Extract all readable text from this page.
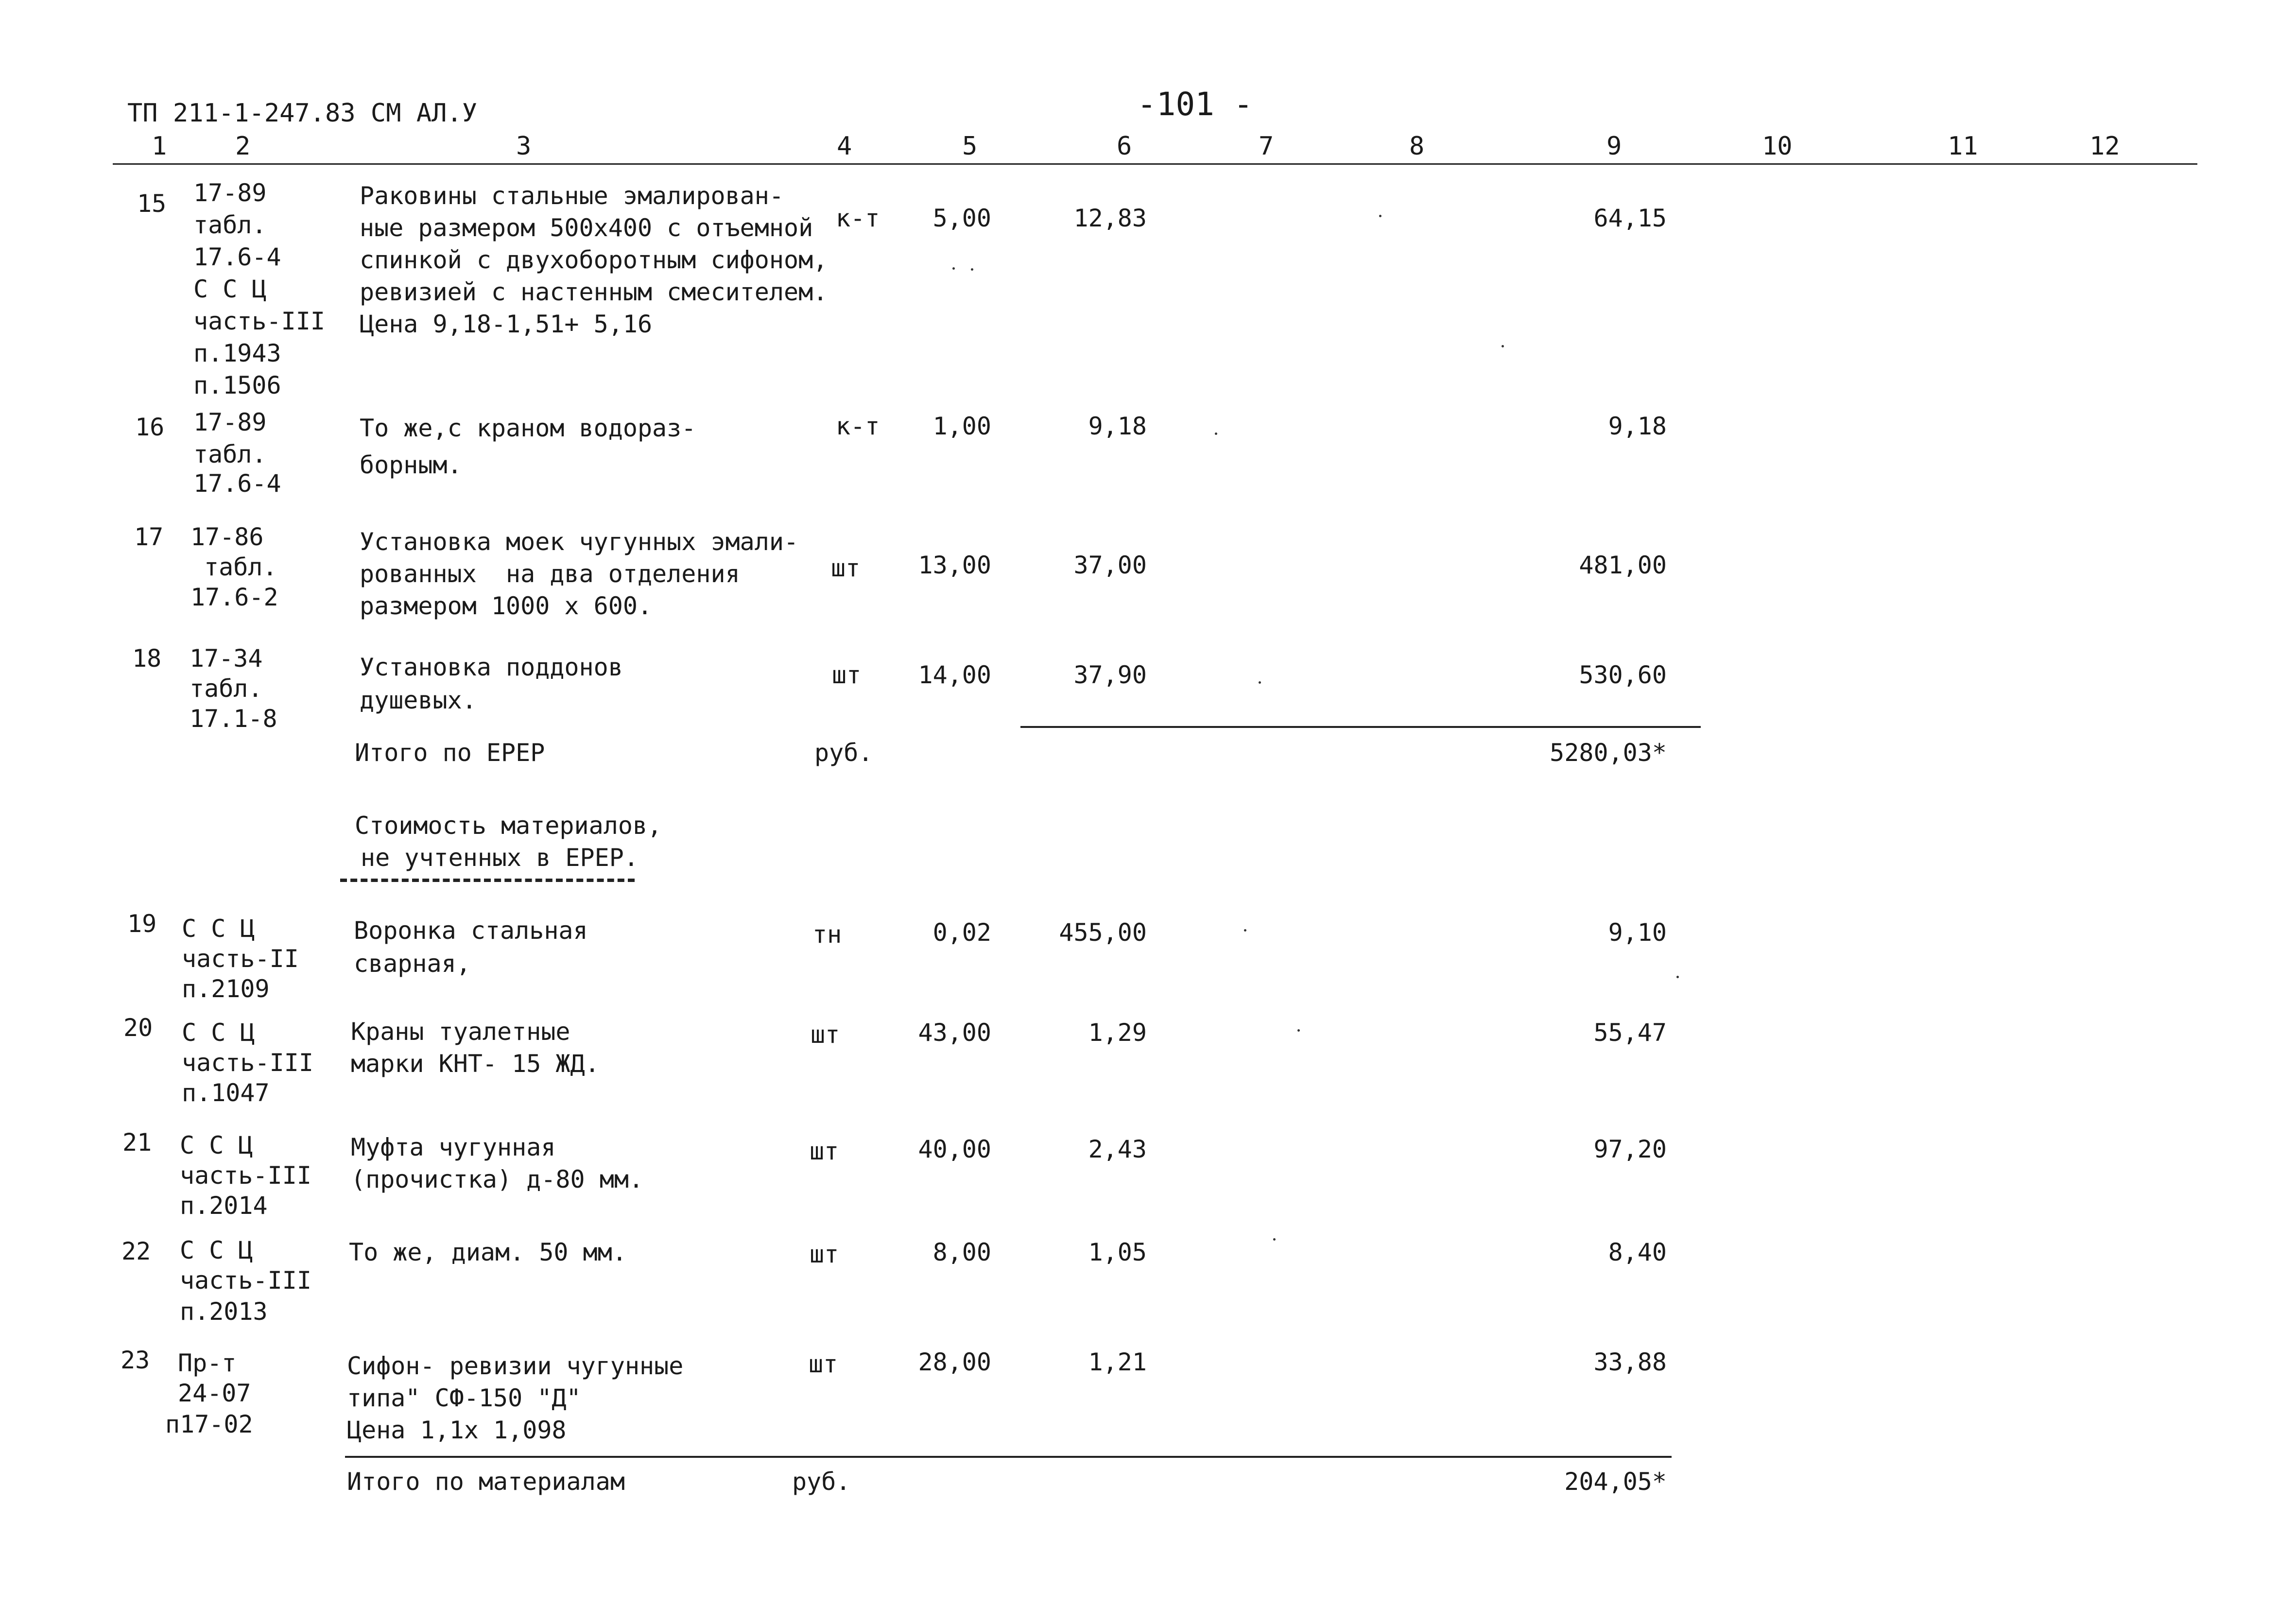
ТП 211-1-247.83 СМ АЛ.У	-101 -
1	2	3	4	5	6	7	8	9	10	11	12
15 17-89
табл.
17.6-4
С С Ц
часть-III
п.1943
п.1506
Раковины стальные эмалирован-
ные размером 500х400 с отъемной
спинкой с двухоборотным сифоном,
ревизией с настенным смесителем.
Цена 9,18-1,51+ 5,16
к-т	5,00	12,83	64,15
16 17-89
табл.
17.6-4
То же,с краном водораз-
борным.
к-т	1,00	9,18	9,18
17 17-86
табл.
17.6-2
Установка моек чугунных эмали-
рованных  на два отделения
размером 1000 х 600.
шт	13,00	37,00	481,00
18 17-34
табл.
17.1-8
Установка поддонов
душевых.
шт	14,00	37,90	530,60
Итого по ЕРЕР	руб.	5280,03*
Стоимость материалов,
не учтенных в ЕРЕР.
19 С С Ц
часть-II
п.2109
Воронка стальная
сварная,
тн	0,02	455,00	9,10
20 С С Ц
часть-III
п.1047
Краны туалетные
марки КНТ- 15 ЖД.
шт	43,00	1,29	55,47
21 С С Ц
часть-III
п.2014
Муфта чугунная
(прочистка) д-80 мм.
шт	40,00	2,43	97,20
22 С С Ц
часть-III
п.2013
То же, диам. 50 мм.	шт	8,00	1,05	8,40
23 Пр-т
24-07
п17-02
Сифон- ревизии чугунные
типа" СФ-150 "Д"
Цена 1,1х 1,098
шт	28,00	1,21	33,88
Итого по материалам	руб.	204,05*
